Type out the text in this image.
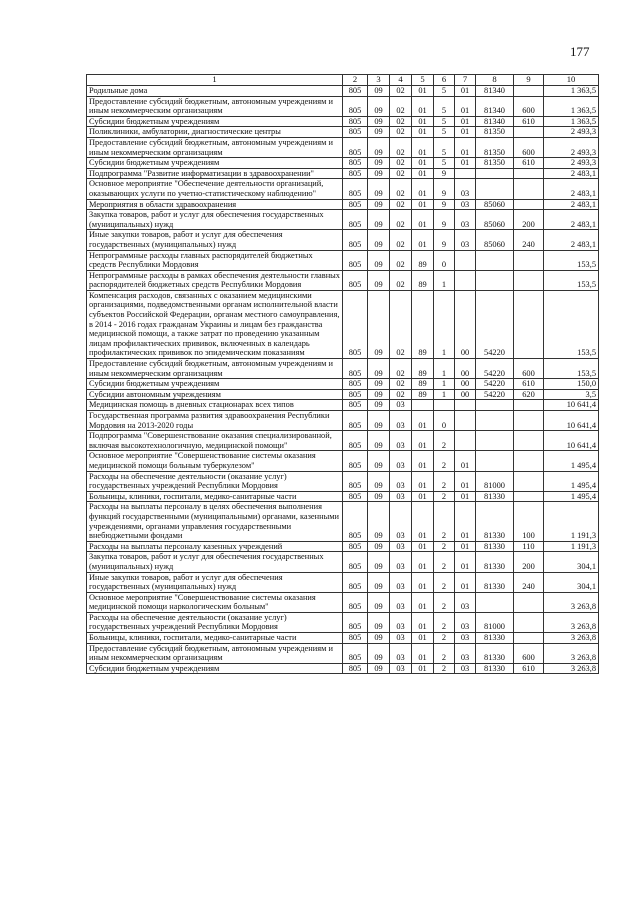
177
1	2	3	4	5	6	7	8	9	10
Родильные дома	805	09	02	01	5	01	81340		1 363,5
Предоставление субсидий бюджетным, автономным учреждениям и иным некоммерческим организациям	805	09	02	01	5	01	81340	600	1 363,5
Субсидии бюджетным учреждениям	805	09	02	01	5	01	81340	610	1 363,5
Поликлиники, амбулатории, диагностические центры	805	09	02	01	5	01	81350		2 493,3
Предоставление субсидий бюджетным, автономным учреждениям и иным некоммерческим организациям	805	09	02	01	5	01	81350	600	2 493,3
Субсидии бюджетным учреждениям	805	09	02	01	5	01	81350	610	2 493,3
Подпрограмма "Развитие информатизации в здравоохранении"	805	09	02	01	9				2 483,1
Основное мероприятие "Обеспечение деятельности организаций, оказывающих услуги по учетно-статистическому наблюдению"	805	09	02	01	9	03			2 483,1
Мероприятия в области здравоохранения	805	09	02	01	9	03	85060		2 483,1
Закупка товаров, работ и услуг для обеспечения государственных (муниципальных) нужд	805	09	02	01	9	03	85060	200	2 483,1
Иные закупки товаров, работ и услуг для обеспечения государственных (муниципальных) нужд	805	09	02	01	9	03	85060	240	2 483,1
Непрограммные расходы главных распорядителей бюджетных средств Республики Мордовия	805	09	02	89	0				153,5
Непрограммные расходы в рамках обеспечения деятельности главных распорядителей бюджетных средств Республики Мордовия	805	09	02	89	1				153,5
Компенсация расходов, связанных с оказанием медицинскими организациями, подведомственными органам исполнительной власти субъектов Российской Федерации, органам местного самоуправления, в 2014 - 2016 годах гражданам Украины и лицам без гражданства медицинской помощи, а также затрат по проведению указанным лицам профилактических прививок, включенных в календарь профилактических прививок по эпидемическим показаниям	805	09	02	89	1	00	54220		153,5
Предоставление субсидий бюджетным, автономным учреждениям и иным некоммерческим организациям	805	09	02	89	1	00	54220	600	153,5
Субсидии бюджетным учреждениям	805	09	02	89	1	00	54220	610	150,0
Субсидии автономным учреждениям	805	09	02	89	1	00	54220	620	3,5
Медицинская помощь в дневных стационарах всех типов	805	09	03						10 641,4
Государственная программа развития здравоохранения Республики Мордовия на 2013-2020 годы	805	09	03	01	0				10 641,4
Подпрограмма "Совершенствование оказания специализированной, включая высокотехнологичную, медицинской помощи"	805	09	03	01	2				10 641,4
Основное мероприятие "Совершенствование системы оказания медицинской помощи больным туберкулезом"	805	09	03	01	2	01			1 495,4
Расходы на обеспечение деятельности (оказание услуг) государственных учреждений Республики Мордовия	805	09	03	01	2	01	81000		1 495,4
Больницы, клиники, госпитали, медико-санитарные части	805	09	03	01	2	01	81330		1 495,4
Расходы на выплаты персоналу в целях обеспечения выполнения функций государственными (муниципальными) органами, казенными учреждениями, органами управления государственными внебюджетными фондами	805	09	03	01	2	01	81330	100	1 191,3
Расходы на выплаты персоналу казенных учреждений	805	09	03	01	2	01	81330	110	1 191,3
Закупка товаров, работ и услуг для обеспечения государственных (муниципальных) нужд	805	09	03	01	2	01	81330	200	304,1
Иные закупки товаров, работ и услуг для обеспечения государственных (муниципальных) нужд	805	09	03	01	2	01	81330	240	304,1
Основное мероприятие "Совершенствование системы оказания медицинской помощи наркологическим больным"	805	09	03	01	2	03			3 263,8
Расходы на обеспечение деятельности (оказание услуг) государственных учреждений Республики Мордовия	805	09	03	01	2	03	81000		3 263,8
Больницы, клиники, госпитали, медико-санитарные части	805	09	03	01	2	03	81330		3 263,8
Предоставление субсидий бюджетным, автономным учреждениям и иным некоммерческим организациям	805	09	03	01	2	03	81330	600	3 263,8
Субсидии бюджетным учреждениям	805	09	03	01	2	03	81330	610	3 263,8
